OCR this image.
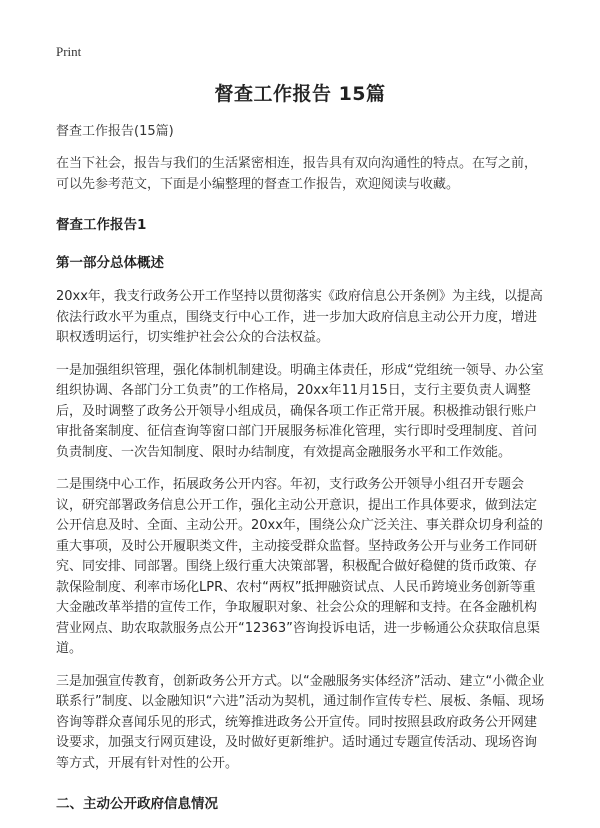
Print
督查工作报告 15篇
督查工作报告(15篇)
在当下社会，报告与我们的生活紧密相连，报告具有双向沟通性的特点。在写之前，可以先参考范文，下面是小编整理的督查工作报告，欢迎阅读与收藏。
督查工作报告1
第一部分总体概述
20xx年，我支行政务公开工作坚持以贯彻落实《政府信息公开条例》为主线，以提高依法行政水平为重点，围绕支行中心工作，进一步加大政府信息主动公开力度，增进职权透明运行，切实维护社会公众的合法权益。
一是加强组织管理，强化体制机制建设。明确主体责任，形成“党组统一领导、办公室组织协调、各部门分工负责”的工作格局，20xx年11月15日，支行主要负责人调整后，及时调整了政务公开领导小组成员，确保各项工作正常开展。积极推动银行账户审批备案制度、征信查询等窗口部门开展服务标准化管理，实行即时受理制度、首问负责制度、一次告知制度、限时办结制度，有效提高金融服务水平和工作效能。
二是围绕中心工作，拓展政务公开内容。年初，支行政务公开领导小组召开专题会议，研究部署政务信息公开工作，强化主动公开意识，提出工作具体要求，做到法定公开信息及时、全面、主动公开。20xx年，围绕公众广泛关注、事关群众切身利益的重大事项，及时公开履职类文件，主动接受群众监督。坚持政务公开与业务工作同研究、同安排、同部署。围绕上级行重大决策部署，积极配合做好稳健的货币政策、存款保险制度、利率市场化LPR、农村“两权”抵押融资试点、人民币跨境业务创新等重大金融改革举措的宣传工作，争取履职对象、社会公众的理解和支持。在各金融机构营业网点、助农取款服务点公开“12363”咨询投诉电话，进一步畅通公众获取信息渠道。
三是加强宣传教育，创新政务公开方式。以“金融服务实体经济”活动、建立“小微企业联系行”制度、以金融知识“六进”活动为契机，通过制作宣传专栏、展板、条幅、现场咨询等群众喜闻乐见的形式，统筹推进政务公开宣传。同时按照县政府政务公开网建设要求，加强支行网页建设，及时做好更新维护。适时通过专题宣传活动、现场咨询等方式，开展有针对性的公开。
二、主动公开政府信息情况
